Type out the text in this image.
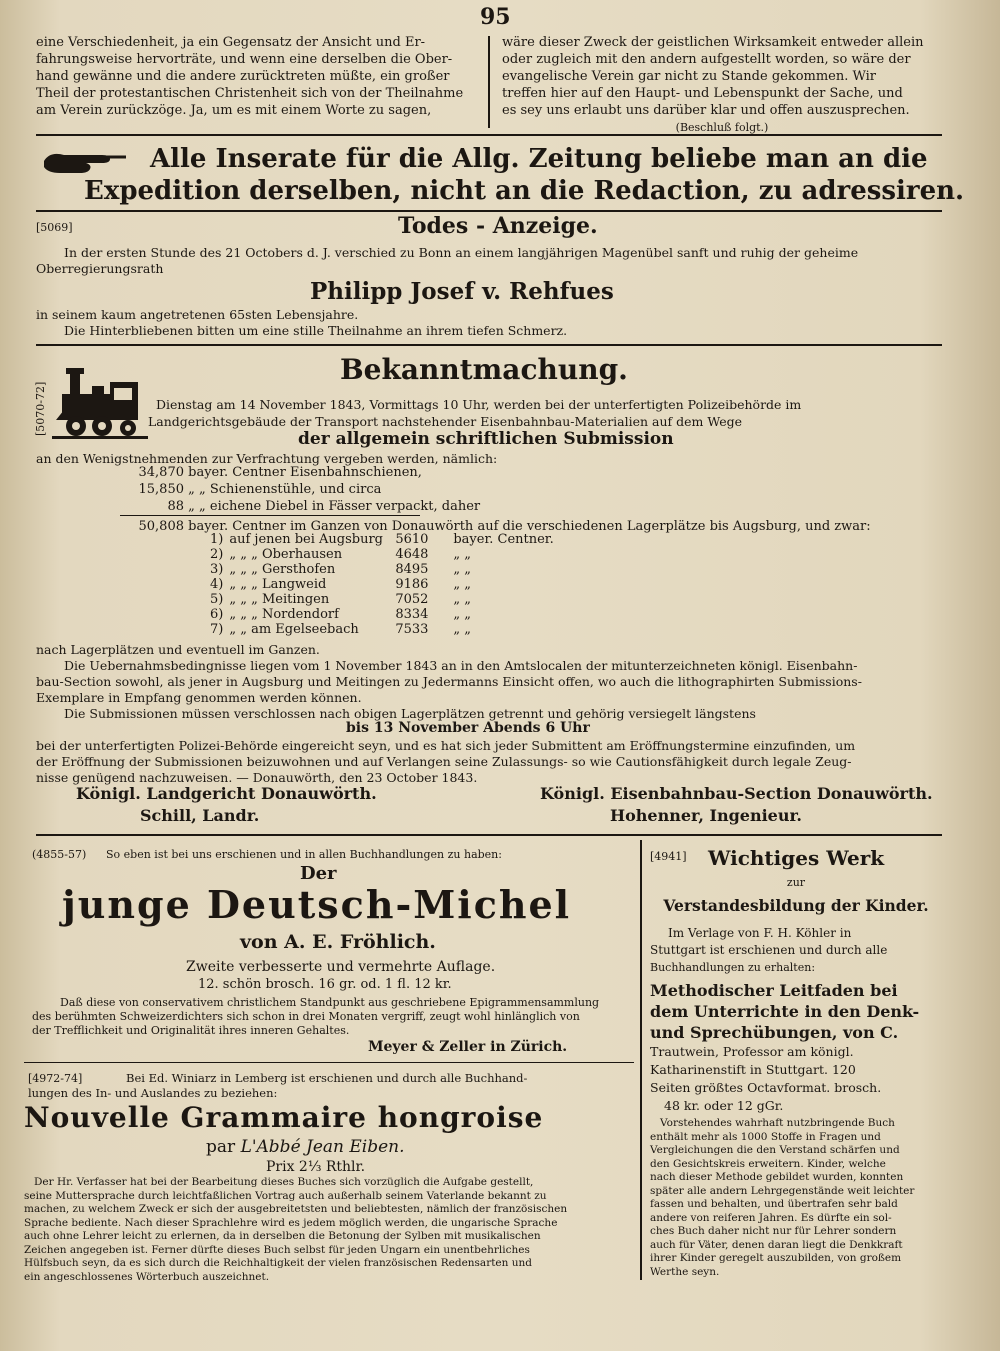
95
eine Verschiedenheit, ja ein Gegensatz der Ansicht und Er-
fahrungsweise hervorträte, und wenn eine derselben die Ober-
hand gewänne und die andere zurücktreten müßte, ein großer
Theil der protestantischen Christenheit sich von der Theilnahme
am Verein zurückzöge. Ja, um es mit einem Worte zu sagen,
wäre dieser Zweck der geistlichen Wirksamkeit entweder allein
oder zugleich mit den andern aufgestellt worden, so wäre der
evangelische Verein gar nicht zu Stande gekommen. Wir
treffen hier auf den Haupt- und Lebenspunkt der Sache, und
es sey uns erlaubt uns darüber klar und offen auszusprechen.
(Beschluß folgt.)
Alle Inserate für die Allg. Zeitung beliebe man an die
Expedition derselben, nicht an die Redaction, zu adressiren.
[5069]	Todes - Anzeige.
In der ersten Stunde des 21 Octobers d. J. verschied zu Bonn an einem langjährigen Magenübel sanft und ruhig der geheime
Oberregierungsrath
Philipp Josef v. Rehfues
in seinem kaum angetretenen 65sten Lebensjahre.
Die Hinterbliebenen bitten um eine stille Theilnahme an ihrem tiefen Schmerz.
[5070-72]
Bekanntmachung.
Dienstag am 14 November 1843, Vormittags 10 Uhr, werden bei der unterfertigten Polizeibehörde im
Landgerichtsgebäude der Transport nachstehender Eisenbahnbau-Materialien auf dem Wege
der allgemein schriftlichen Submission
an den Wenigstnehmenden zur Verfrachtung vergeben werden, nämlich:
34,870 bayer. Centner Eisenbahnschienen,
15,850 „ „ Schienenstühle, und circa
88 „ „ eichene Diebel in Fässer verpackt, daher
50,808 bayer. Centner im Ganzen von Donauwörth auf die verschiedenen Lagerplätze bis Augsburg, und zwar:
1)	auf jenen bei Augsburg	5610	bayer. Centner.
2)	„ „ „ Oberhausen	4648	„ „
3)	„ „ „ Gersthofen	8495	„ „
4)	„ „ „ Langweid	9186	„ „
5)	„ „ „ Meitingen	7052	„ „
6)	„ „ „ Nordendorf	8334	„ „
7)	„ „ am Egelseebach	7533	„ „
nach Lagerplätzen und eventuell im Ganzen.
Die Uebernahmsbedingnisse liegen vom 1 November 1843 an in den Amtslocalen der mitunterzeichneten königl. Eisenbahn-
bau-Section sowohl, als jener in Augsburg und Meitingen zu Jedermanns Einsicht offen, wo auch die lithographirten Submissions-
Exemplare in Empfang genommen werden können.
Die Submissionen müssen verschlossen nach obigen Lagerplätzen getrennt und gehörig versiegelt längstens
bis 13 November Abends 6 Uhr
bei der unterfertigten Polizei-Behörde eingereicht seyn, und es hat sich jeder Submittent am Eröffnungstermine einzufinden, um
der Eröffnung der Submissionen beizuwohnen und auf Verlangen seine Zulassungs- so wie Cautionsfähigkeit durch legale Zeug-
nisse genügend nachzuweisen. — Donauwörth, den 23 October 1843.
Königl. Landgericht Donauwörth.
Schill, Landr.
Königl. Eisenbahnbau-Section Donauwörth.
Hohenner, Ingenieur.
(4855-57) So eben ist bei uns erschienen und in allen Buchhandlungen zu haben:
Der
junge Deutsch-Michel
von A. E. Fröhlich.
Zweite verbesserte und vermehrte Auflage.
12. schön brosch. 16 gr. od. 1 fl. 12 kr.
Daß diese von conservativem christlichem Standpunkt aus geschriebene Epigrammensammlung
des berühmten Schweizerdichters sich schon in drei Monaten vergriff, zeugt wohl hinlänglich von
der Trefflichkeit und Originalität ihres inneren Gehaltes.
Meyer & Zeller in Zürich.
[4972-74]	Bei Ed. Winiarz in Lemberg ist erschienen und durch alle Buchhand-
lungen des In- und Auslandes zu beziehen:
Nouvelle Grammaire hongroise
par L'Abbé Jean Eiben.
Prix 2⅓ Rthlr.
Der Hr. Verfasser hat bei der Bearbeitung dieses Buches sich vorzüglich die Aufgabe gestellt,
seine Muttersprache durch leichtfaßlichen Vortrag auch außerhalb seinem Vaterlande bekannt zu
machen, zu welchem Zweck er sich der ausgebreitetsten und beliebtesten, nämlich der französischen
Sprache bediente. Nach dieser Sprachlehre wird es jedem möglich werden, die ungarische Sprache
auch ohne Lehrer leicht zu erlernen, da in derselben die Betonung der Sylben mit musikalischen
Zeichen angegeben ist. Ferner dürfte dieses Buch selbst für jeden Ungarn ein unentbehrliches
Hülfsbuch seyn, da es sich durch die Reichhaltigkeit der vielen französischen Redensarten und
ein angeschlossenes Wörterbuch auszeichnet.
[4941] Wichtiges Werk
zur
Verstandesbildung der Kinder.
Im Verlage von F. H. Köhler in
Stuttgart ist erschienen und durch alle
Buchhandlungen zu erhalten:
Methodischer Leitfaden bei
dem Unterrichte in den Denk-
und Sprechübungen, von C.
Trautwein, Professor am königl.
Katharinenstift in Stuttgart. 120
Seiten größtes Octavformat. brosch.
48 kr. oder 12 gGr.
Vorstehendes wahrhaft nutzbringende Buch
enthält mehr als 1000 Stoffe in Fragen und
Vergleichungen die den Verstand schärfen und
den Gesichtskreis erweitern. Kinder, welche
nach dieser Methode gebildet wurden, konnten
später alle andern Lehrgegenstände weit leichter
fassen und behalten, und übertrafen sehr bald
andere von reiferen Jahren. Es dürfte ein sol-
ches Buch daher nicht nur für Lehrer sondern
auch für Väter, denen daran liegt die Denkkraft
ihrer Kinder geregelt auszubilden, von großem
Werthe seyn.
